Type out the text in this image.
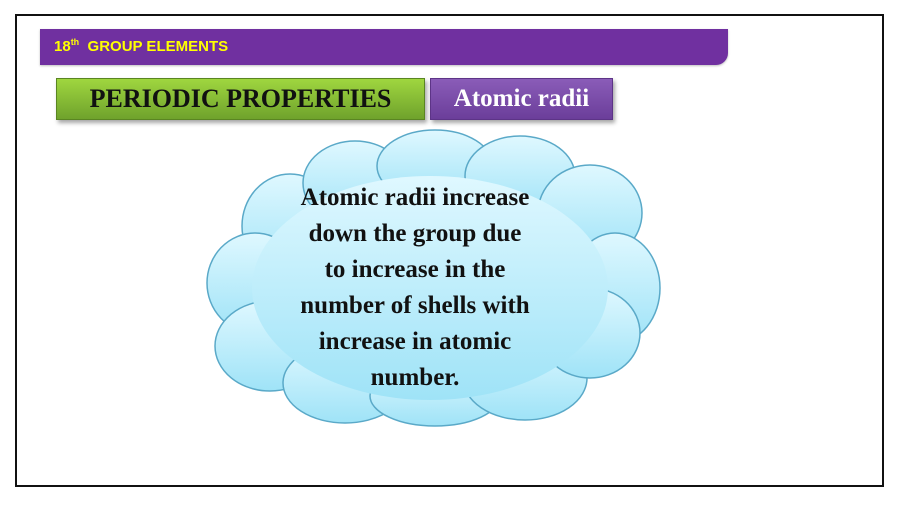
18th GROUP ELEMENTS
PERIODIC PROPERTIES Atomic radii
Atomic radii increase
down the group due
to increase in the
number of shells with
increase in atomic
number.
